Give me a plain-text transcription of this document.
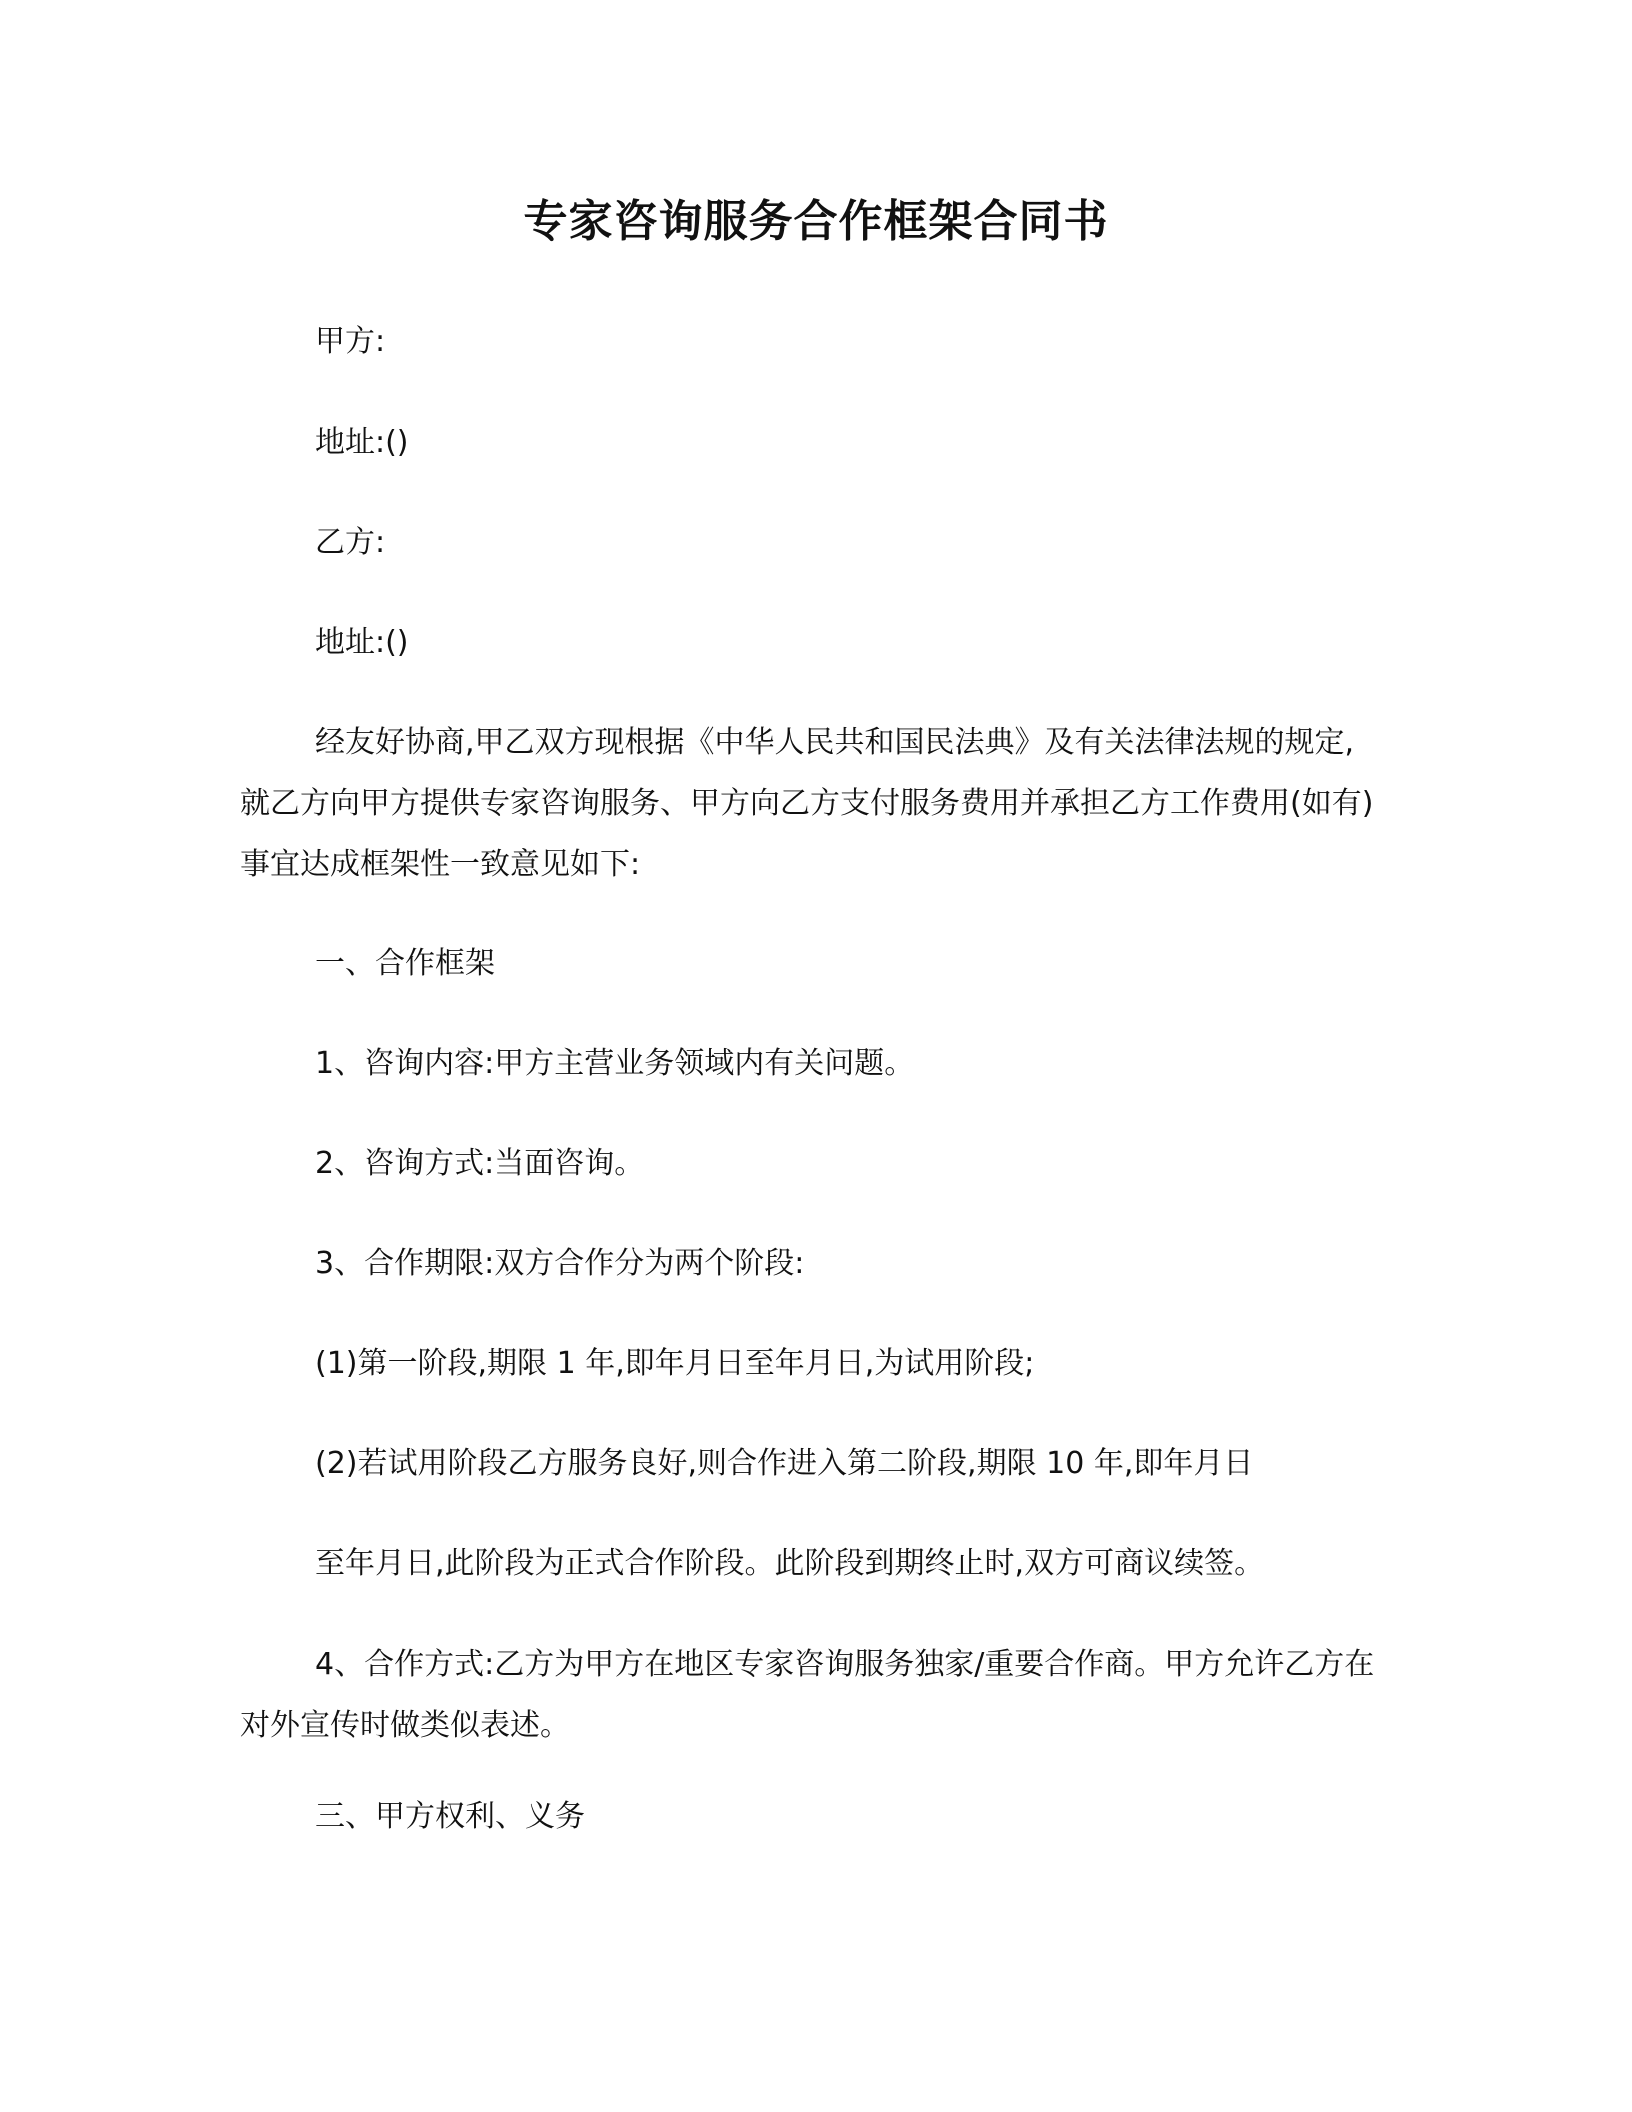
专家咨询服务合作框架合同书
甲方:
地址:()
乙方:
地址:()
经友好协商,甲乙双方现根据《中华人民共和国民法典》及有关法律法规的规定,就乙方向甲方提供专家咨询服务、甲方向乙方支付服务费用并承担乙方工作费用(如有)事宜达成框架性一致意见如下:
一、合作框架
1、咨询内容:甲方主营业务领域内有关问题。
2、咨询方式:当面咨询。
3、合作期限:双方合作分为两个阶段:
(1)第一阶段,期限 1 年,即年月日至年月日,为试用阶段;
(2)若试用阶段乙方服务良好,则合作进入第二阶段,期限 10 年,即年月日
至年月日,此阶段为正式合作阶段。此阶段到期终止时,双方可商议续签。
4、合作方式:乙方为甲方在地区专家咨询服务独家/重要合作商。甲方允许乙方在对外宣传时做类似表述。
三、甲方权利、义务
